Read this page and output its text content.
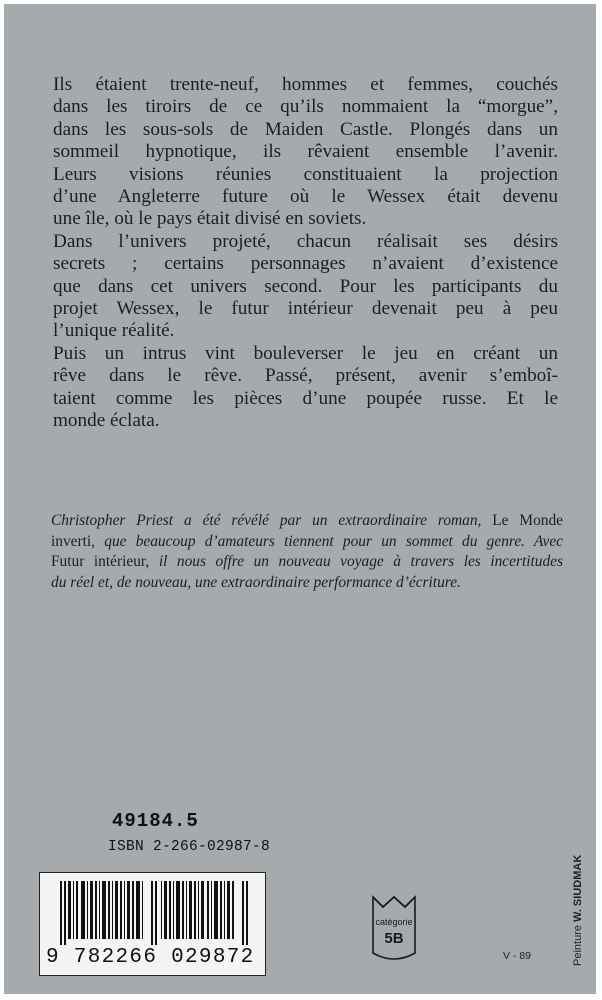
Ils étaient trente-neuf, hommes et femmes, couchés
dans les tiroirs de ce qu’ils nommaient la “morgue”,
dans les sous-sols de Maiden Castle. Plongés dans un
sommeil hypnotique, ils rêvaient ensemble l’avenir.
Leurs visions réunies constituaient la projection
d’une Angleterre future où le Wessex était devenu
une île, où le pays était divisé en soviets.
Dans l’univers projeté, chacun réalisait ses désirs
secrets ; certains personnages n’avaient d’existence
que dans cet univers second. Pour les participants du
projet Wessex, le futur intérieur devenait peu à peu
l’unique réalité.
Puis un intrus vint bouleverser le jeu en créant un
rêve dans le rêve. Passé, présent, avenir s’emboî-
taient comme les pièces d’une poupée russe. Et le
monde éclata.
Christopher Priest a été révélé par un extraordinaire roman, Le Monde
inverti, que beaucoup d’amateurs tiennent pour un sommet du genre. Avec
Futur intérieur, il nous offre un nouveau voyage à travers les incertitudes
du réel et, de nouveau, une extraordinaire performance d’écriture.
49184.5
ISBN 2-266-02987-8
9 782266 029872
catégorie
5B
V - 89	Peinture W. SIUDMAK
